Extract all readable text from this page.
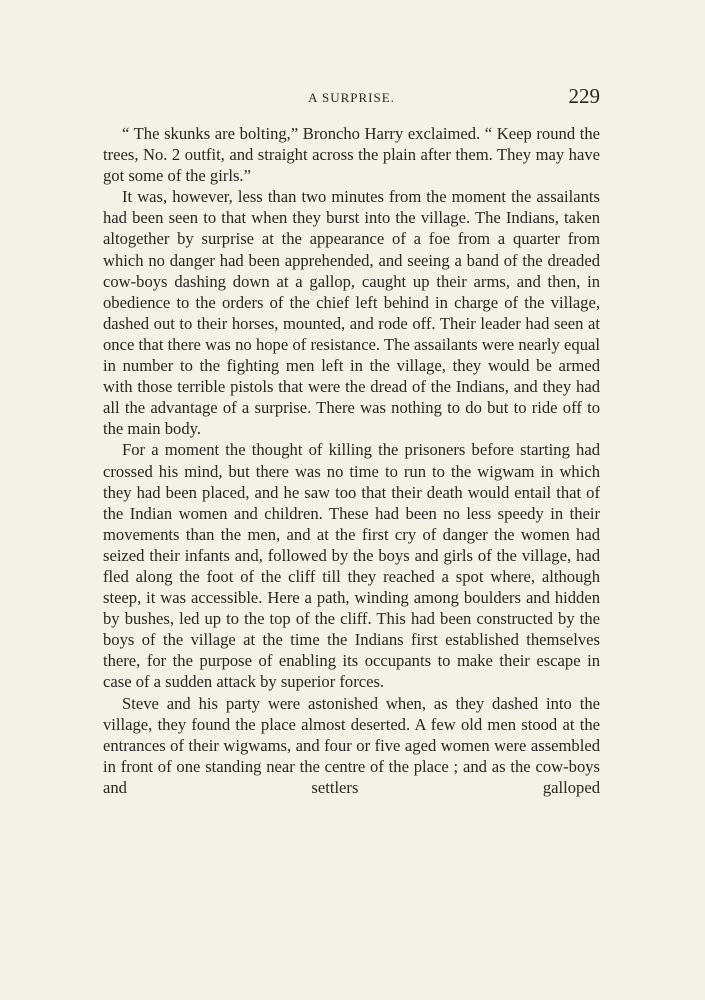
A SURPRISE.	229

“ The skunks are bolting,” Broncho Harry exclaimed. “ Keep round the trees, No. 2 outfit, and straight across the plain after them. They may have got some of the girls.”

It was, however, less than two minutes from the moment the assailants had been seen to that when they burst into the village. The Indians, taken altogether by surprise at the appearance of a foe from a quarter from which no danger had been apprehended, and seeing a band of the dreaded cow-boys dashing down at a gallop, caught up their arms, and then, in obedience to the orders of the chief left behind in charge of the village, dashed out to their horses, mounted, and rode off. Their leader had seen at once that there was no hope of resistance. The assailants were nearly equal in number to the fighting men left in the village, they would be armed with those terrible pistols that were the dread of the Indians, and they had all the advantage of a surprise. There was nothing to do but to ride off to the main body.

For a moment the thought of killing the prisoners before starting had crossed his mind, but there was no time to run to the wigwam in which they had been placed, and he saw too that their death would entail that of the Indian women and children. These had been no less speedy in their movements than the men, and at the first cry of danger the women had seized their infants and, followed by the boys and girls of the village, had fled along the foot of the cliff till they reached a spot where, although steep, it was accessible. Here a path, winding among boulders and hidden by bushes, led up to the top of the cliff. This had been constructed by the boys of the village at the time the Indians first established themselves there, for the purpose of enabling its occupants to make their escape in case of a sudden attack by superior forces.

Steve and his party were astonished when, as they dashed into the village, they found the place almost deserted. A few old men stood at the entrances of their wigwams, and four or five aged women were assembled in front of one standing near the centre of the place ; and as the cow-boys and settlers galloped
